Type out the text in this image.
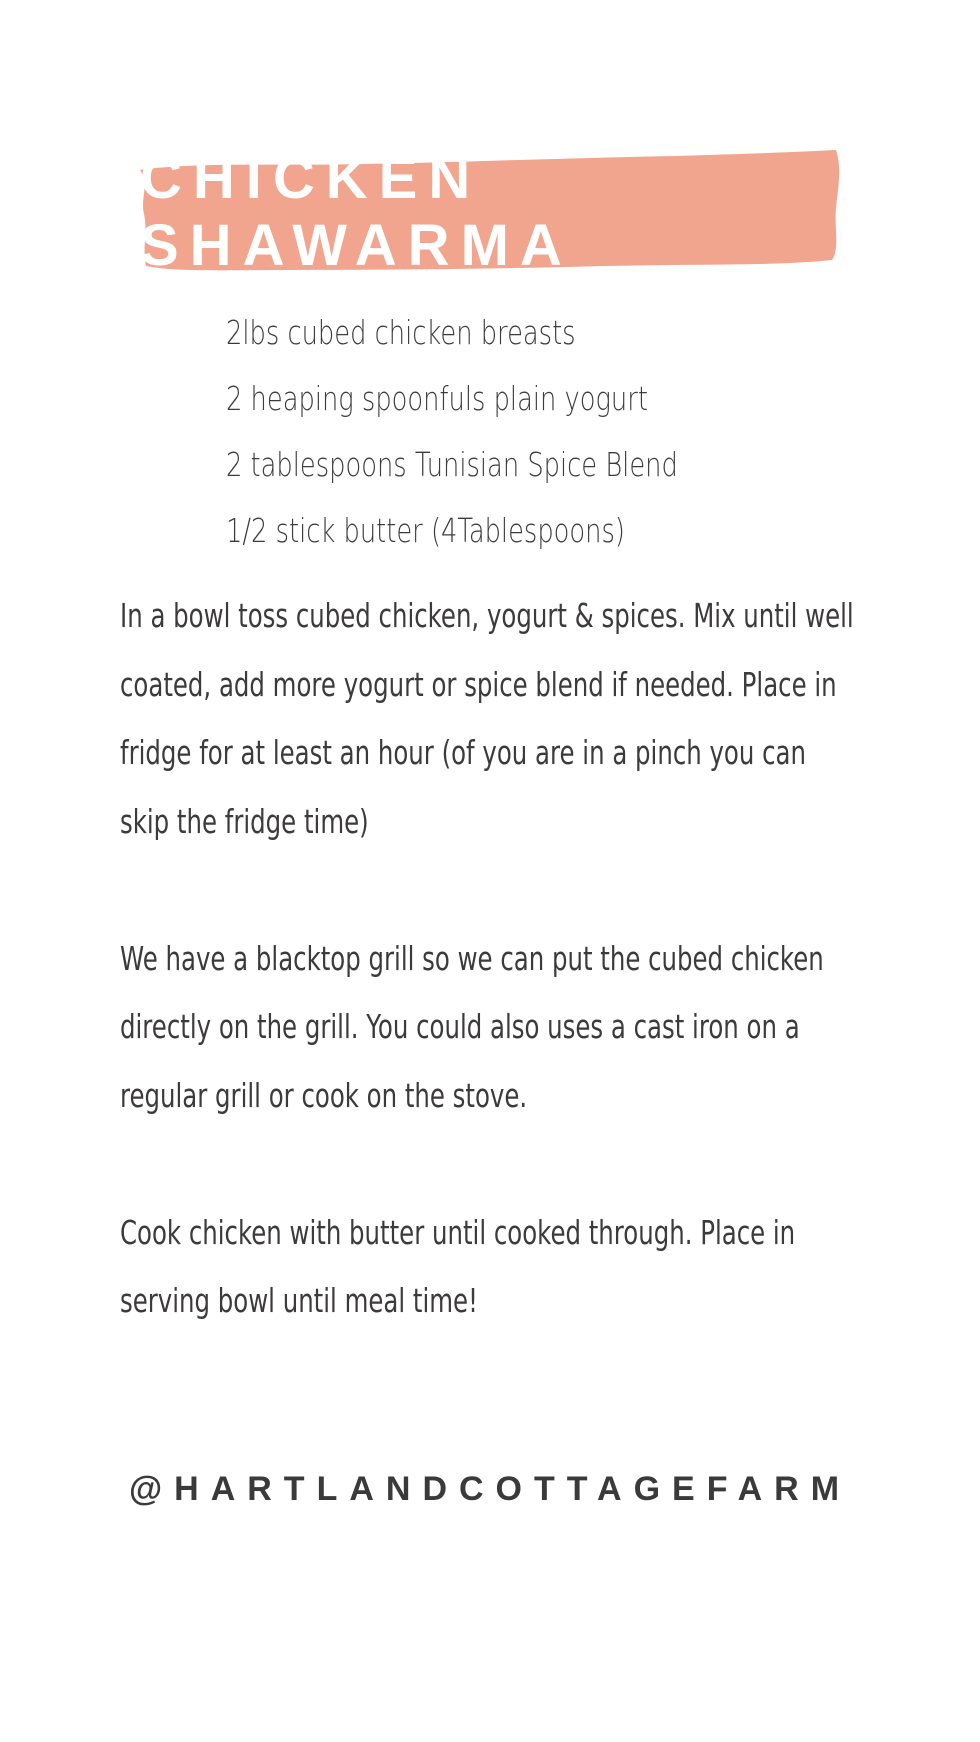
CHICKEN SHAWARMA
2lbs cubed chicken breasts
2 heaping spoonfuls plain yogurt
2 tablespoons Tunisian Spice Blend
1/2 stick butter (4Tablespoons)

In a bowl toss cubed chicken, yogurt & spices. Mix until well coated, add more yogurt or spice blend if needed. Place in fridge for at least an hour (of you are in a pinch you can skip the fridge time)

We have a blacktop grill so we can put the cubed chicken directly on the grill. You could also uses a cast iron on a regular grill or cook on the stove.

Cook chicken with butter until cooked through. Place in serving bowl until meal time!

@HARTLANDCOTTAGEFARM
